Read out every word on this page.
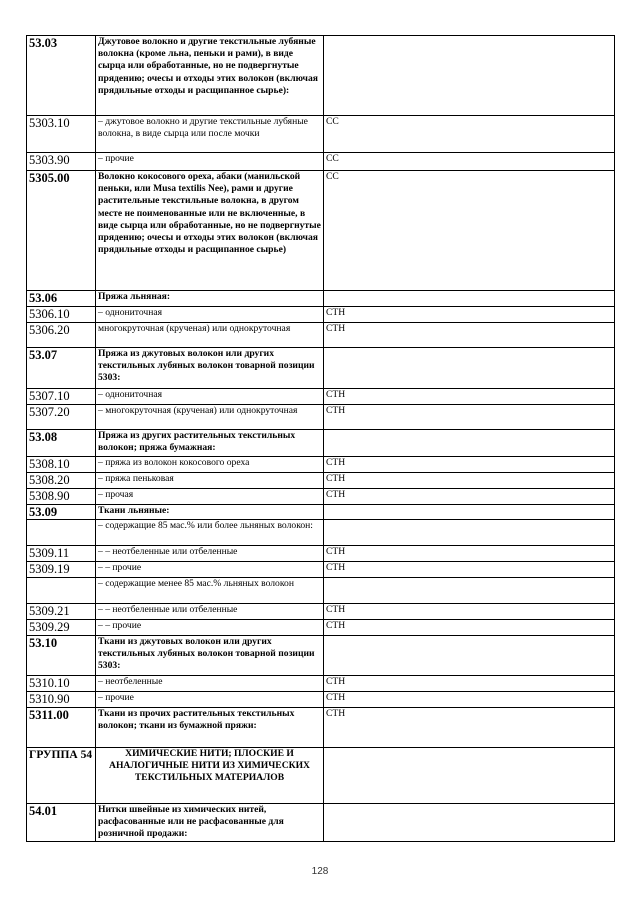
53.03	Джутовое волокно и другие текстильные лубяные волокна (кроме льна, пеньки и рами), в виде сырца или обработанные, но не подвергнутые прядению; очесы и отходы этих волокон (включая прядильные отходы и расщипанное сырье):	
5303.10	– джутовое волокно и другие текстильные лубяные волокна, в виде сырца или после мочки	СС
5303.90	– прочие	СС
5305.00	Волокно кокосового ореха, абаки (манильской пеньки, или Musa textilis Nee), рами и другие растительные текстильные волокна, в другом месте не поименованные или не включенные, в виде сырца или обработанные, но не подвергнутые прядению; очесы и отходы этих волокон (включая прядильные отходы и расщипанное сырье)	СС
53.06	Пряжа льняная:	
5306.10	– однониточная	СТН
5306.20	многокруточная (крученая) или однокруточная	СТН
53.07	Пряжа из джутовых волокон или других текстильных лубяных волокон товарной позиции 5303:	
5307.10	– однониточная	СТН
5307.20	– многокруточная (крученая) или однокруточная	СТН
53.08	Пряжа из других растительных текстильных волокон; пряжа бумажная:	
5308.10	– пряжа из волокон кокосового ореха	СТН
5308.20	– пряжа пеньковая	СТН
5308.90	– прочая	СТН
53.09	Ткани льняные:	
	– содержащие 85 мас.% или более льняных волокон:	
5309.11	– – неотбеленные или отбеленные	СТН
5309.19	– – прочие	СТН
	– содержащие менее 85 мас.% льняных волокон	
5309.21	– – неотбеленные или отбеленные	СТН
5309.29	– – прочие	СТН
53.10	Ткани из джутовых волокон или других текстильных лубяных волокон товарной позиции 5303:	
5310.10	– неотбеленные	СТН
5310.90	– прочие	СТН
5311.00	Ткани из прочих растительных текстильных волокон; ткани из бумажной пряжи:	СТН
ГРУППА 54	ХИМИЧЕСКИЕ НИТИ; ПЛОСКИЕ И АНАЛОГИЧНЫЕ НИТИ ИЗ ХИМИЧЕСКИХ ТЕКСТИЛЬНЫХ МАТЕРИАЛОВ	
54.01	Нитки швейные из химических нитей, расфасованные или не расфасованные для розничной продажи:	
128
